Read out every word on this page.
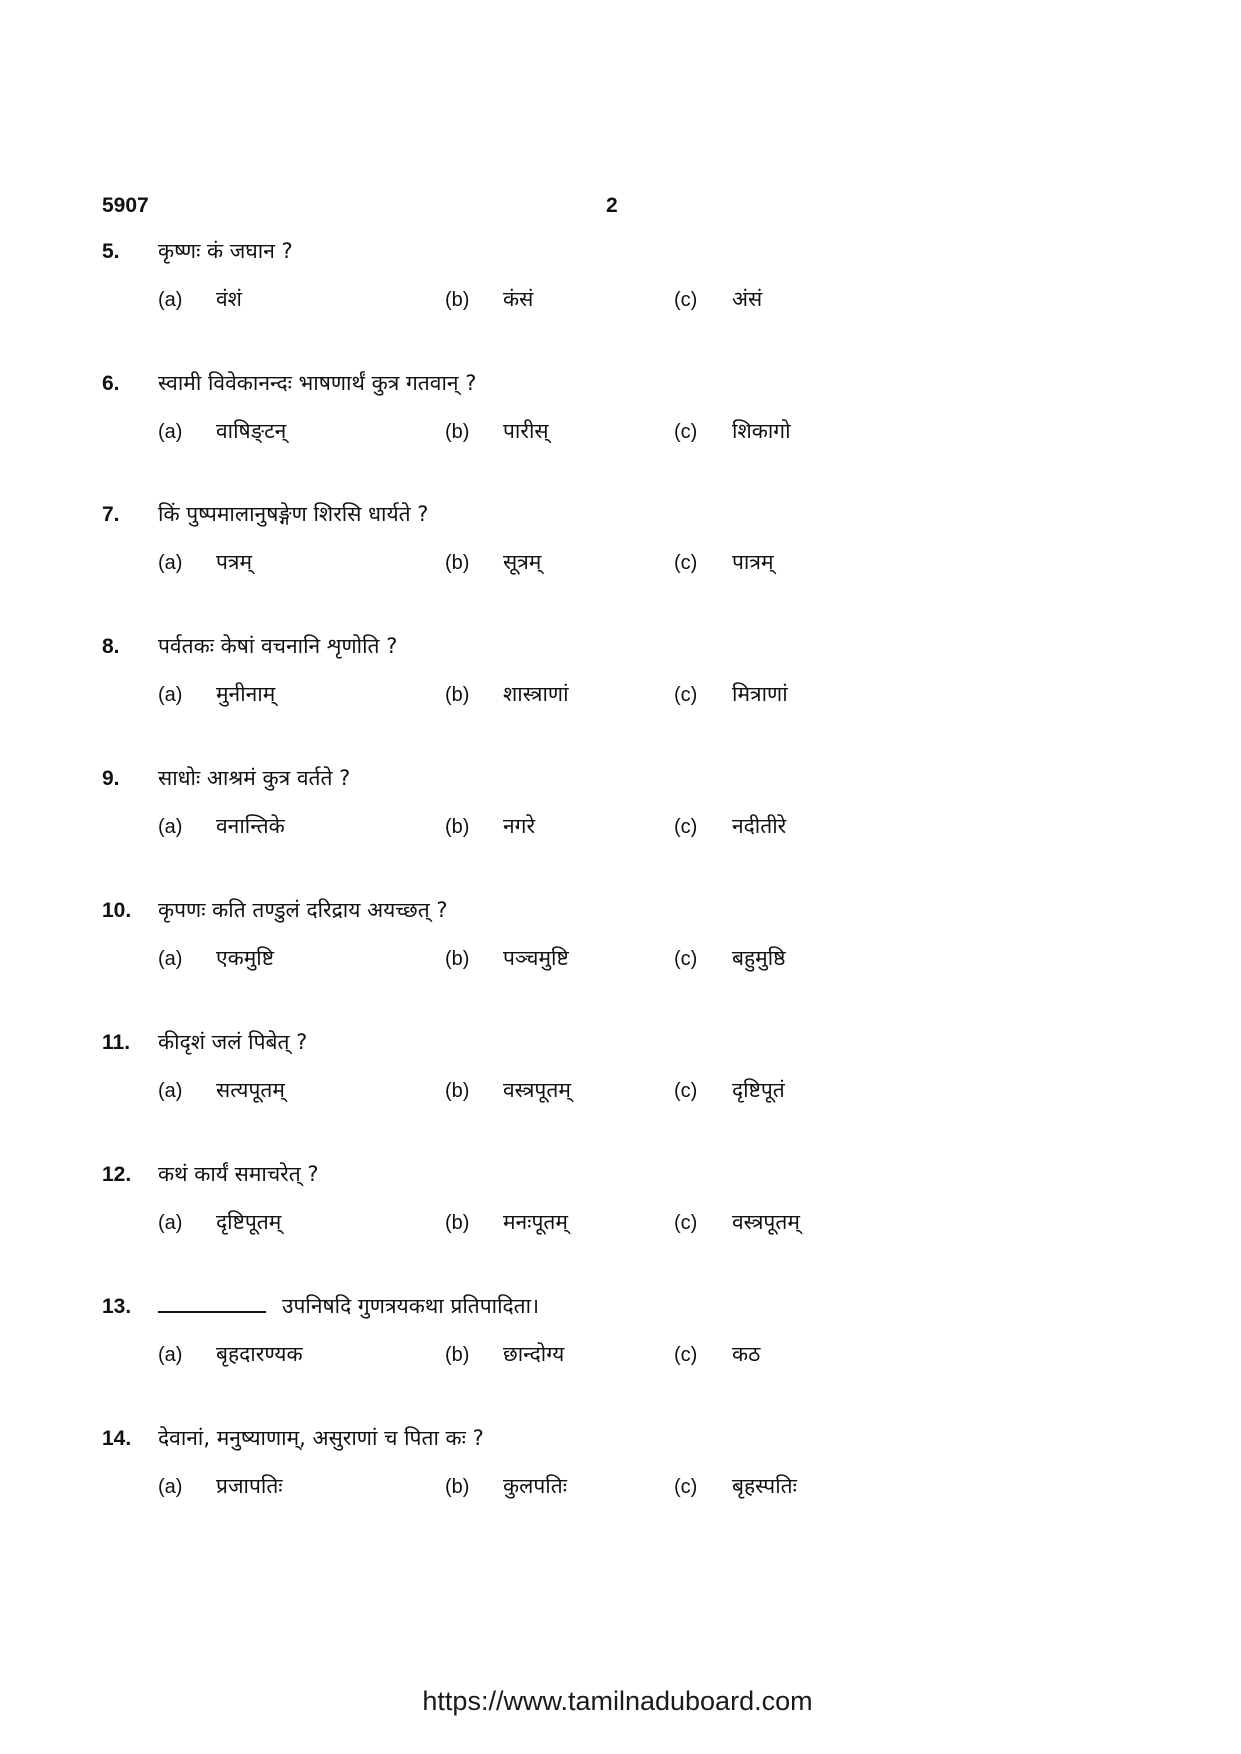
5907	2
5. कृष्णः कं जघान ?
(a) वंशं	(b) कंसं	(c) अंसं
6. स्वामी विवेकानन्दः भाषणार्थं कुत्र गतवान् ?
(a) वाषिङ्टन्	(b) पारीस्	(c) शिकागो
7. किं पुष्पमालानुषङ्गेण शिरसि धार्यते ?
(a) पत्रम्	(b) सूत्रम्	(c) पात्रम्
8. पर्वतकः केषां वचनानि शृणोति ?
(a) मुनीनाम्	(b) शास्त्राणां	(c) मित्राणां
9. साधोः आश्रमं कुत्र वर्तते ?
(a) वनान्तिके	(b) नगरे	(c) नदीतीरे
10. कृपणः कति तण्डुलं दरिद्राय अयच्छत् ?
(a) एकमुष्टि	(b) पञ्चमुष्टि	(c) बहुमुष्ठि
11. कीदृशं जलं पिबेत् ?
(a) सत्यपूतम्	(b) वस्त्रपूतम्	(c) दृष्टिपूतं
12. कथं कार्यं समाचरेत् ?
(a) दृष्टिपूतम्	(b) मनःपूतम्	(c) वस्त्रपूतम्
13.	उपनिषदि गुणत्रयकथा प्रतिपादिता।
(a) बृहदारण्यक	(b) छान्दोग्य	(c) कठ
14. देवानां, मनुष्याणाम्, असुराणां च पिता कः ?
(a) प्रजापतिः	(b) कुलपतिः	(c) बृहस्पतिः
https://www.tamilnaduboard.com
